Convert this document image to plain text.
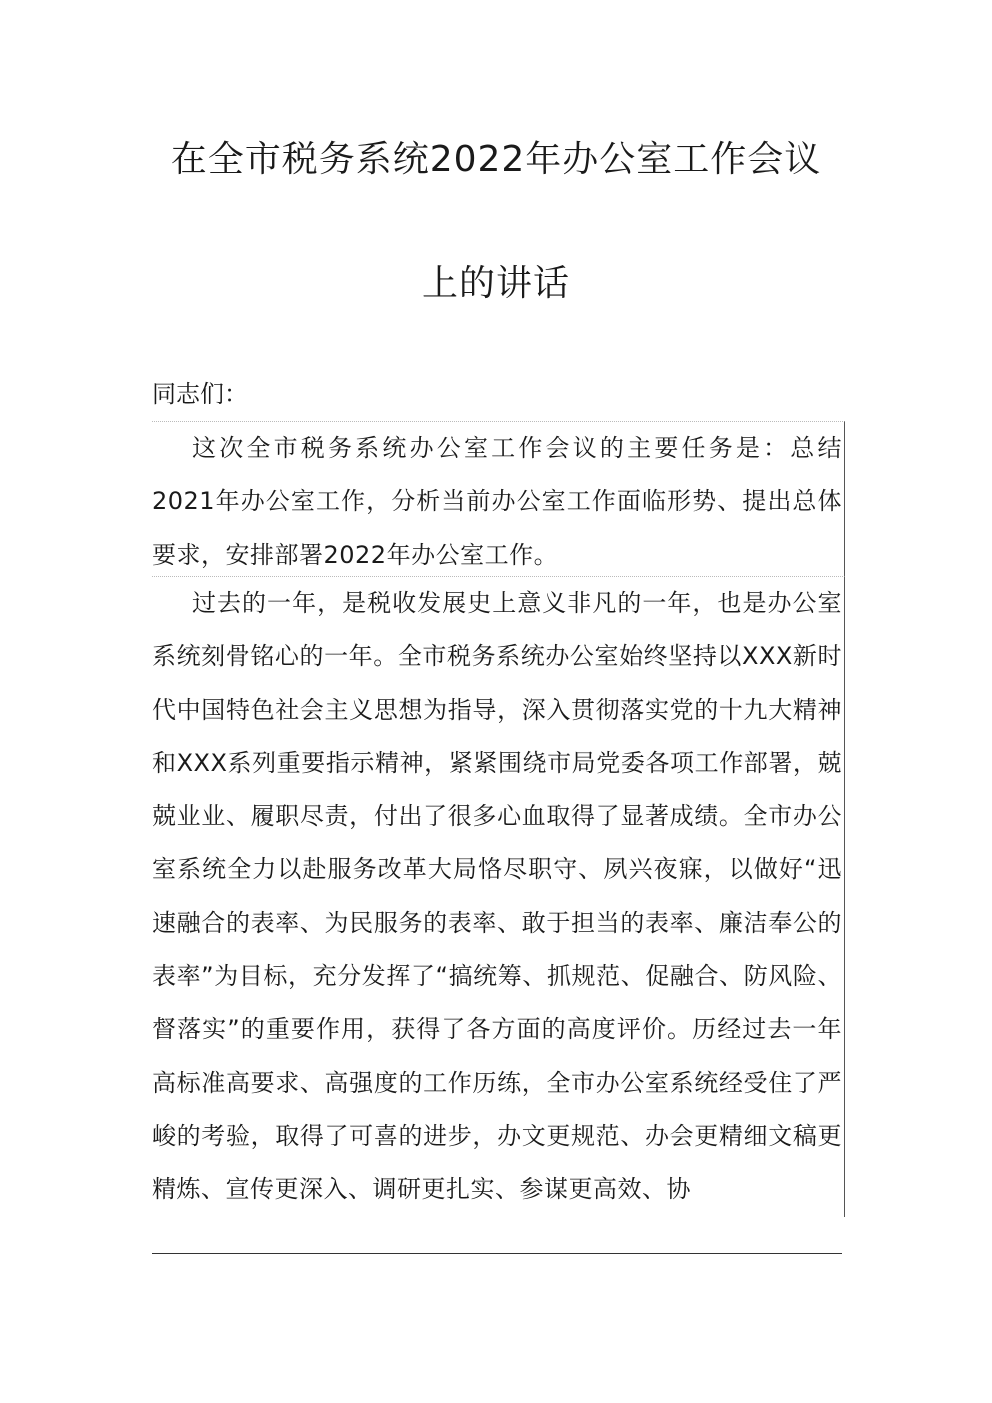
在全市税务系统2022年办公室工作会议
上的讲话

同志们：

这次全市税务系统办公室工作会议的主要任务是：总结2021年办公室工作，分析当前办公室工作面临形势、提出总体要求，安排部署2022年办公室工作。

过去的一年，是税收发展史上意义非凡的一年，也是办公室系统刻骨铭心的一年。全市税务系统办公室始终坚持以XXX新时代中国特色社会主义思想为指导，深入贯彻落实党的十九大精神和XXX系列重要指示精神，紧紧围绕市局党委各项工作部署，兢兢业业、履职尽责，付出了很多心血取得了显著成绩。全市办公室系统全力以赴服务改革大局恪尽职守、夙兴夜寐，以做好“迅速融合的表率、为民服务的表率、敢于担当的表率、廉洁奉公的表率”为目标，充分发挥了“搞统筹、抓规范、促融合、防风险、督落实”的重要作用，获得了各方面的高度评价。历经过去一年高标准高要求、高强度的工作历练，全市办公室系统经受住了严峻的考验，取得了可喜的进步，办文更规范、办会更精细文稿更精炼、宣传更深入、调研更扎实、参谋更高效、协
